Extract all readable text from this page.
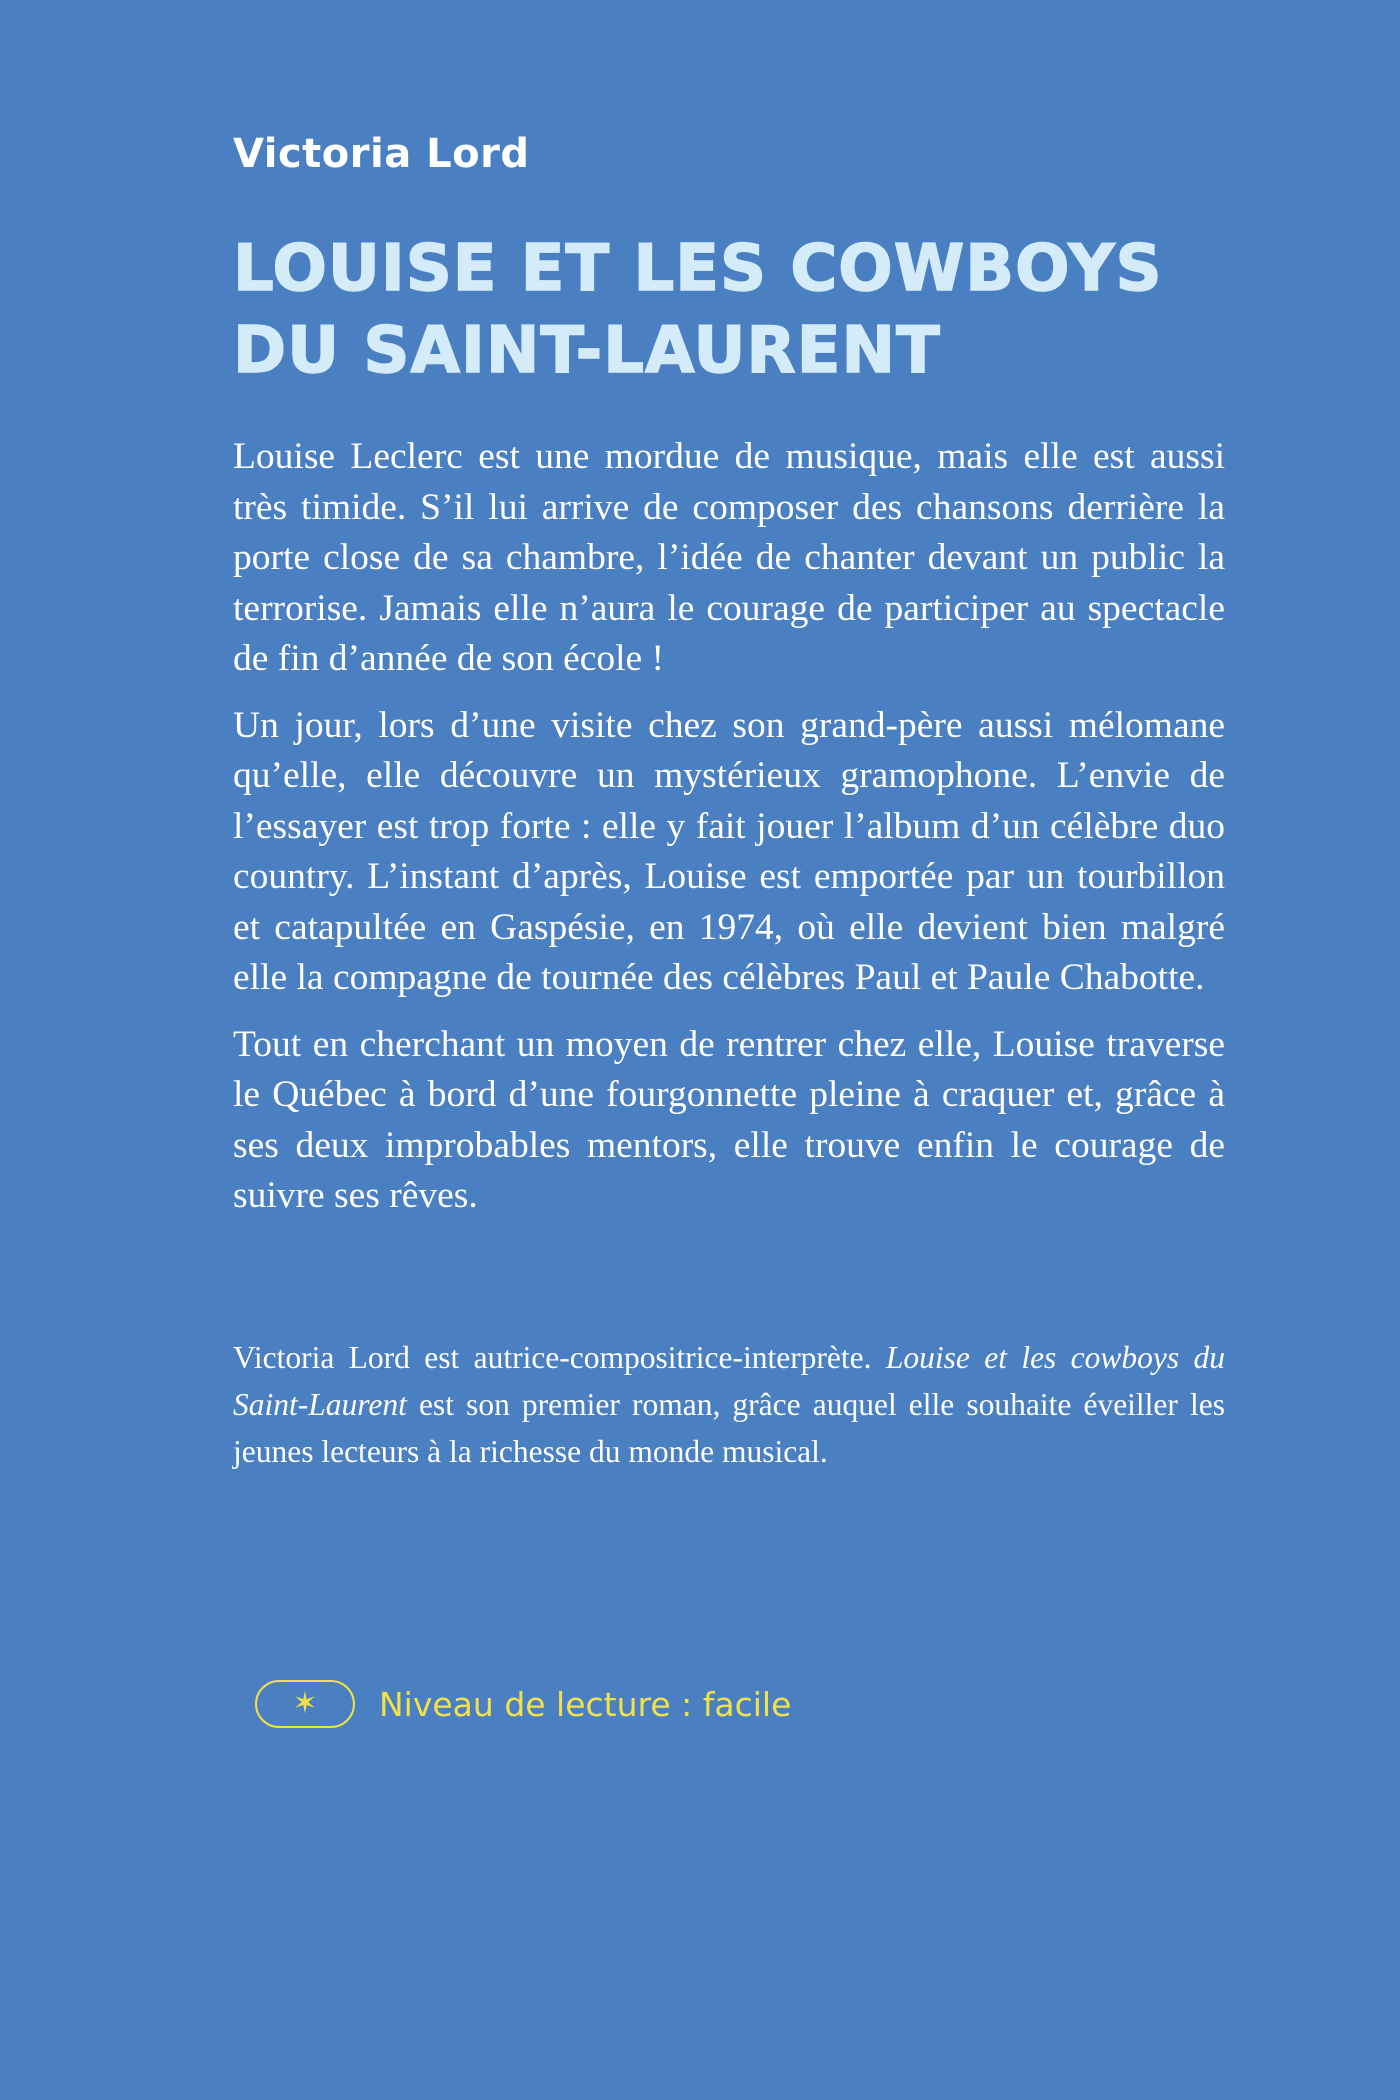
Victoria Lord
LOUISE ET LES COWBOYS
DU SAINT-LAURENT

Louise Leclerc est une mordue de musique, mais elle est aussi très timide. S’il lui arrive de composer des chansons derrière la porte close de sa chambre, l’idée de chanter devant un public la terrorise. Jamais elle n’aura le courage de participer au spectacle de fin d’année de son école !

Un jour, lors d’une visite chez son grand-père aussi mélomane qu’elle, elle découvre un mystérieux gramophone. L’envie de l’essayer est trop forte : elle y fait jouer l’album d’un célèbre duo country. L’instant d’après, Louise est emportée par un tourbillon et catapultée en Gaspésie, en 1974, où elle devient bien malgré elle la compagne de tournée des célèbres Paul et Paule Chabotte.

Tout en cherchant un moyen de rentrer chez elle, Louise traverse le Québec à bord d’une fourgonnette pleine à craquer et, grâce à ses deux improbables mentors, elle trouve enfin le courage de suivre ses rêves.

Victoria Lord est autrice-compositrice-interprète. Louise et les cowboys du Saint-Laurent est son premier roman, grâce auquel elle souhaite éveiller les jeunes lecteurs à la richesse du monde musical.

✶	Niveau de lecture : facile
